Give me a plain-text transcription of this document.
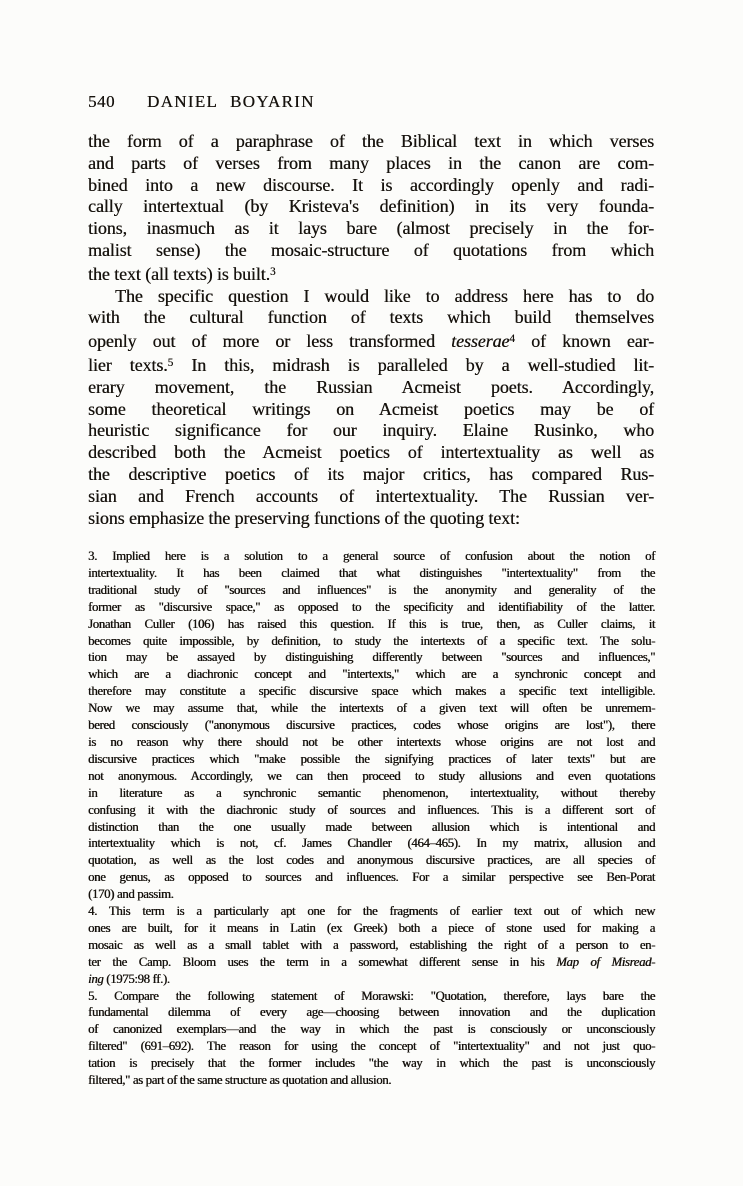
540 DANIEL BOYARIN
the form of a paraphrase of the Biblical text in which verses
and parts of verses from many places in the canon are com-
bined into a new discourse. It is accordingly openly and radi-
cally intertextual (by Kristeva's definition) in its very founda-
tions, inasmuch as it lays bare (almost precisely in the for-
malist sense) the mosaic-structure of quotations from which
the text (all texts) is built.$^3$
The specific question I would like to address here has to do
with the cultural function of texts which build themselves
openly out of more or less transformed tesserae$^4$ of known ear-
lier texts.$^5$ In this, midrash is paralleled by a well-studied lit-
erary movement, the Russian Acmeist poets. Accordingly,
some theoretical writings on Acmeist poetics may be of
heuristic significance for our inquiry. Elaine Rusinko, who
described both the Acmeist poetics of intertextuality as well as
the descriptive poetics of its major critics, has compared Rus-
sian and French accounts of intertextuality. The Russian ver-
sions emphasize the preserving functions of the quoting text:
3. Implied here is a solution to a general source of confusion about the notion of
intertextuality. It has been claimed that what distinguishes "intertextuality" from the
traditional study of "sources and influences" is the anonymity and generality of the
former as "discursive space," as opposed to the specificity and identifiability of the latter.
Jonathan Culler (106) has raised this question. If this is true, then, as Culler claims, it
becomes quite impossible, by definition, to study the intertexts of a specific text. The solu-
tion may be assayed by distinguishing differently between "sources and influences,"
which are a diachronic concept and "intertexts," which are a synchronic concept and
therefore may constitute a specific discursive space which makes a specific text intelligible.
Now we may assume that, while the intertexts of a given text will often be unremem-
bered consciously ("anonymous discursive practices, codes whose origins are lost"), there
is no reason why there should not be other intertexts whose origins are not lost and
discursive practices which "make possible the signifying practices of later texts" but are
not anonymous. Accordingly, we can then proceed to study allusions and even quotations
in literature as a synchronic semantic phenomenon, intertextuality, without thereby
confusing it with the diachronic study of sources and influences. This is a different sort of
distinction than the one usually made between allusion which is intentional and
intertextuality which is not, cf. James Chandler (464–465). In my matrix, allusion and
quotation, as well as the lost codes and anonymous discursive practices, are all species of
one genus, as opposed to sources and influences. For a similar perspective see Ben-Porat
(170) and passim.
4. This term is a particularly apt one for the fragments of earlier text out of which new
ones are built, for it means in Latin (ex Greek) both a piece of stone used for making a
mosaic as well as a small tablet with a password, establishing the right of a person to en-
ter the Camp. Bloom uses the term in a somewhat different sense in his Map of Misread-
ing (1975:98 ff.).
5. Compare the following statement of Morawski: "Quotation, therefore, lays bare the
fundamental dilemma of every age—choosing between innovation and the duplication
of canonized exemplars—and the way in which the past is consciously or unconsciously
filtered" (691–692). The reason for using the concept of "intertextuality" and not just quo-
tation is precisely that the former includes "the way in which the past is unconsciously
filtered," as part of the same structure as quotation and allusion.
